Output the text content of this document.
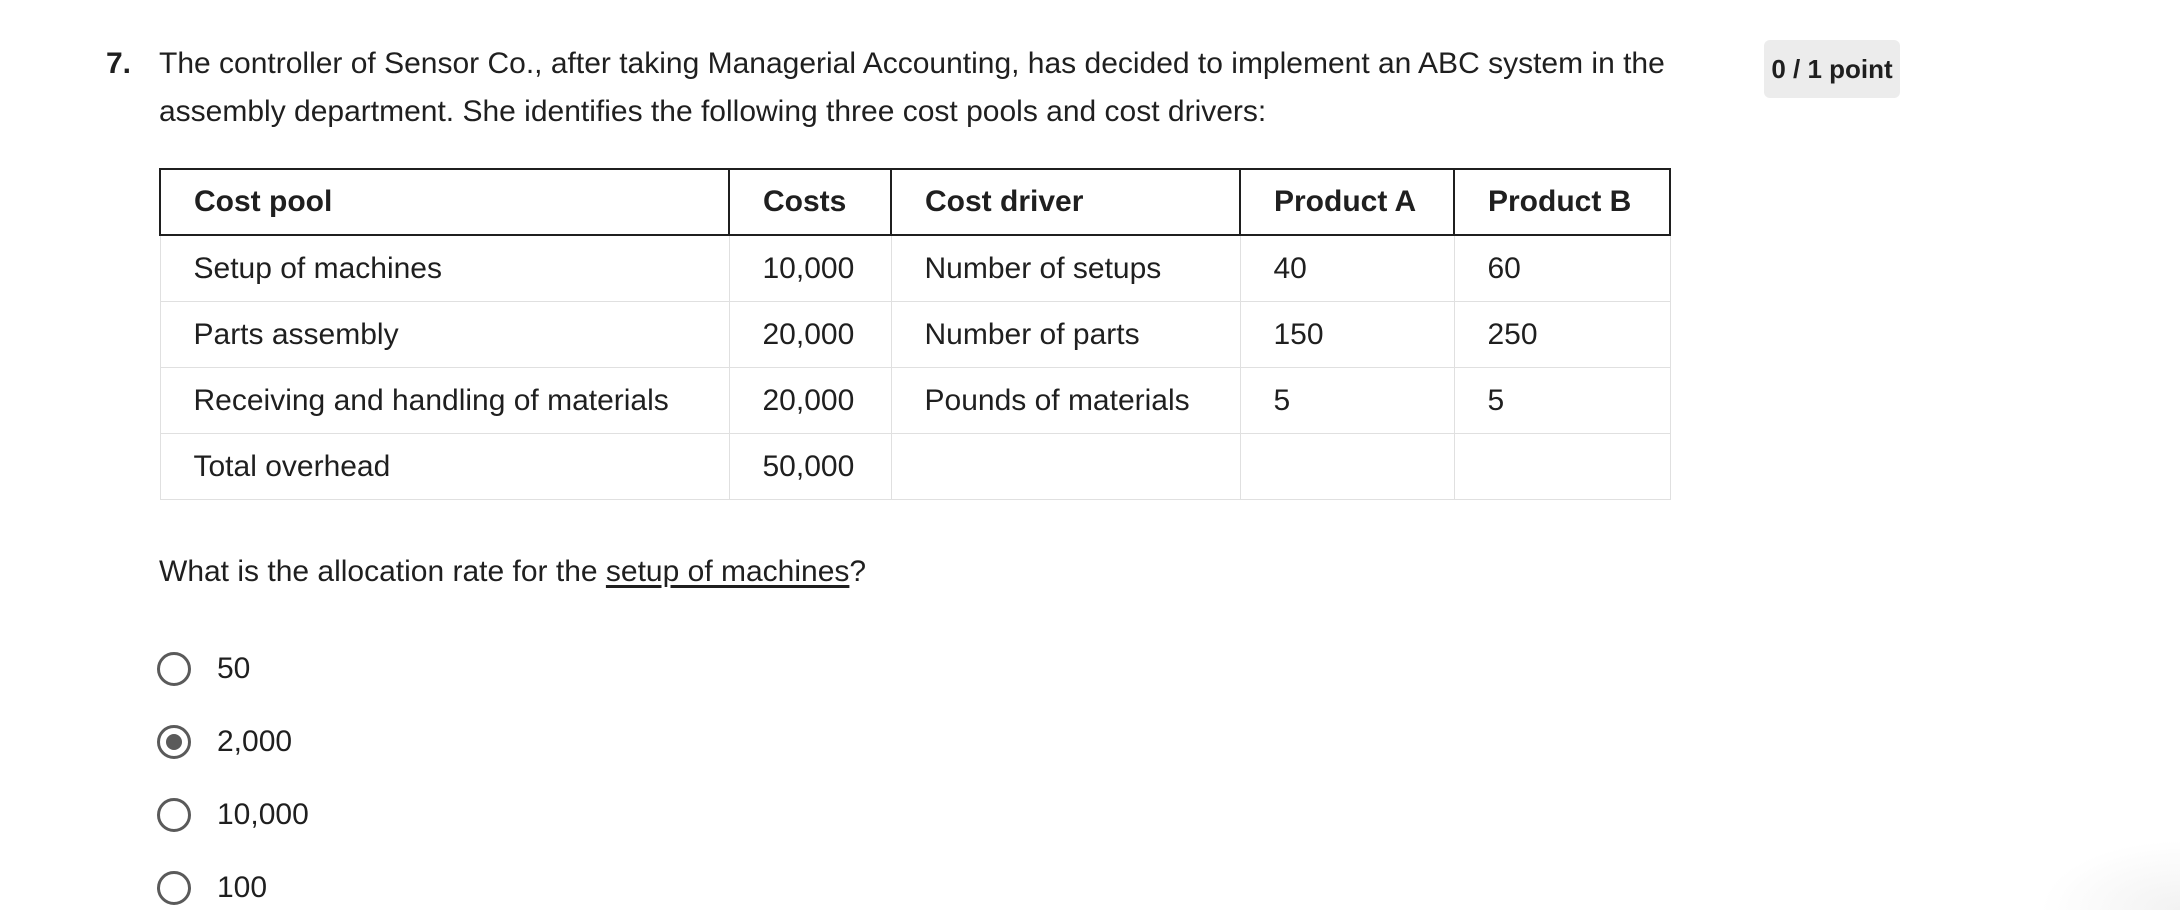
7. The controller of Sensor Co., after taking Managerial Accounting, has decided to implement an ABC system in the assembly department. She identifies the following three cost pools and cost drivers:
0 / 1 point
Cost pool	Costs	Cost driver	Product A	Product B
Setup of machines	10,000	Number of setups	40	60
Parts assembly	20,000	Number of parts	150	250
Receiving and handling of materials	20,000	Pounds of materials	5	5
Total overhead	50,000			
What is the allocation rate for the setup of machines?
50
2,000
10,000
100
